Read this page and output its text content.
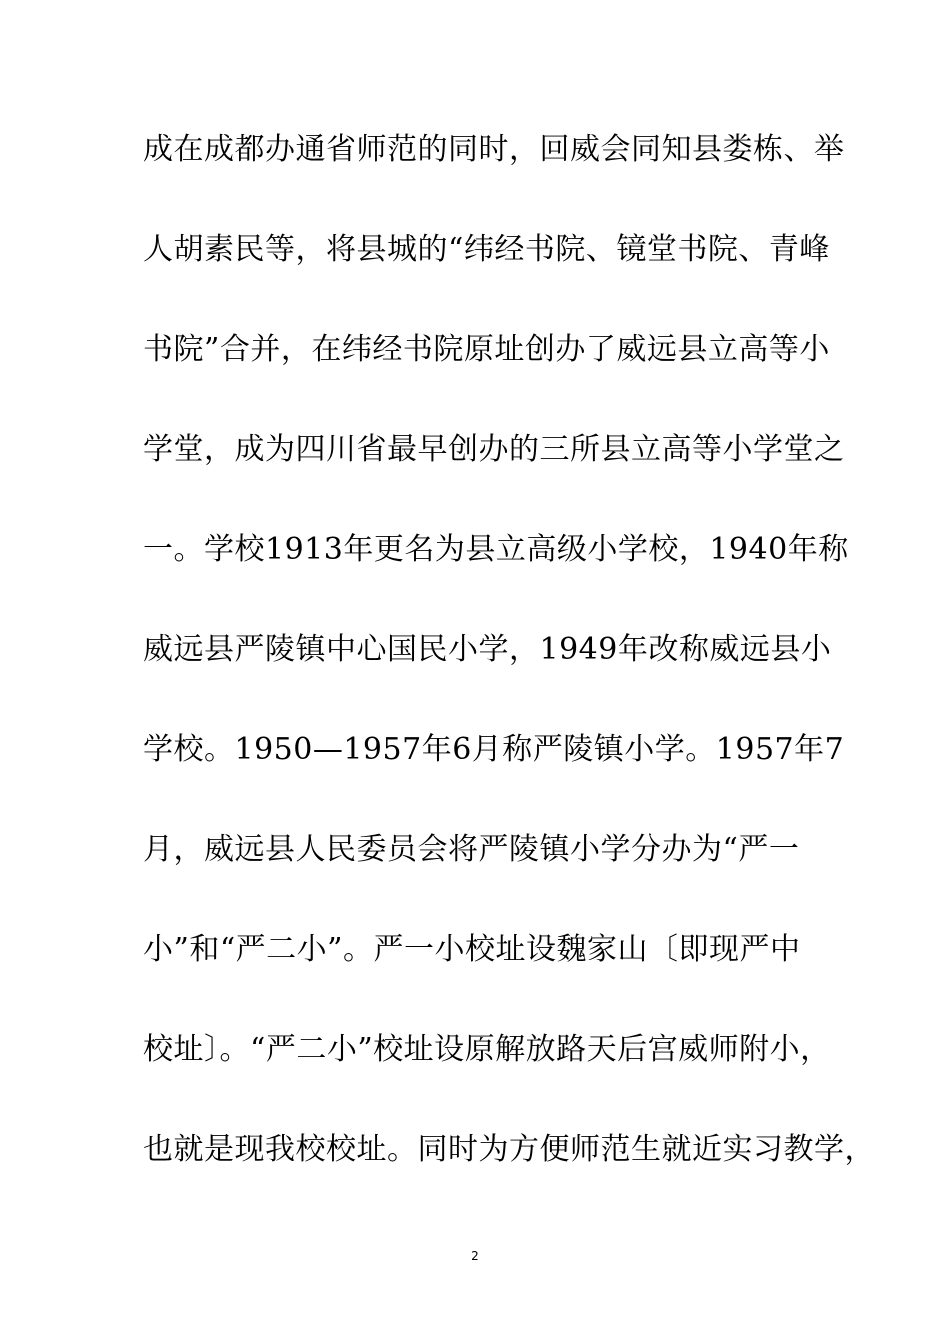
成在成都办通省师范的同时，回威会同知县娄栋、举
人胡素民等，将县城的“纬经书院、镜堂书院、青峰
书院”合并，在纬经书院原址创办了威远县立高等小
学堂，成为四川省最早创办的三所县立高等小学堂之
一。学校1913年更名为县立高级小学校，1940年称
威远县严陵镇中心国民小学，1949年改称威远县小
学校。1950—1957年6月称严陵镇小学。1957年7
月，威远县人民委员会将严陵镇小学分办为“严一
小”和“严二小”。严一小校址设魏家山〔即现严中
校址〕。“严二小”校址设原解放路天后宫威师附小，
也就是现我校校址。同时为方便师范生就近实习教学，
2
